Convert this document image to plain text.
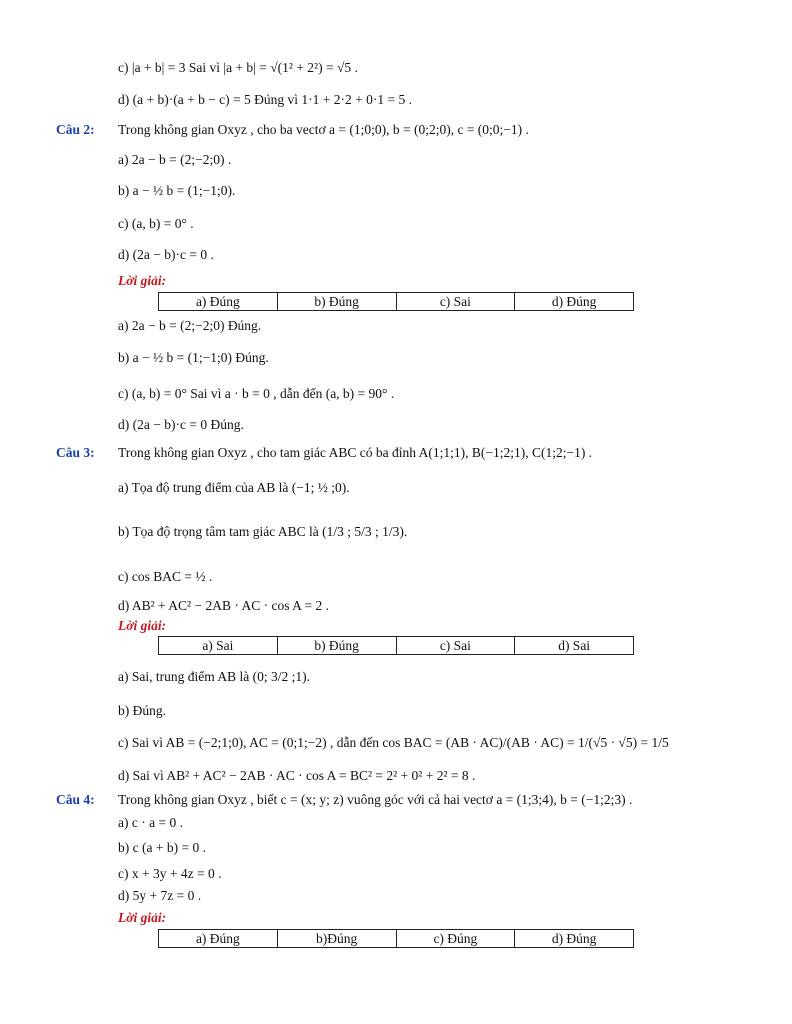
c) |a + b| = 3 Sai vì |a + b| = √(1² + 2²) = √5 .
d) (a + b)·(a + b − c) = 5 Đúng vì 1·1 + 2·2 + 0·1 = 5 .
Câu 2: Trong không gian Oxyz , cho ba vectơ a = (1;0;0), b = (0;2;0), c = (0;0;−1) .
a) 2a − b = (2;−2;0) .
b) a − ½ b = (1;−1;0).
c) (a, b) = 0° .
d) (2a − b)·c = 0 .
Lời giải:
a) Đúng	b) Đúng	c) Sai	d) Đúng
a) 2a − b = (2;−2;0) Đúng.
b) a − ½ b = (1;−1;0) Đúng.
c) (a, b) = 0° Sai vì a · b = 0 , dẫn đến (a, b) = 90° .
d) (2a − b)·c = 0 Đúng.
Câu 3: Trong không gian Oxyz , cho tam giác ABC có ba đỉnh A(1;1;1), B(−1;2;1), C(1;2;−1) .
a) Tọa độ trung điểm của AB là (−1; ½ ;0).
b) Tọa độ trọng tâm tam giác ABC là (1/3 ; 5/3 ; 1/3).
c) cos BAC = ½ .
d) AB² + AC² − 2AB · AC · cos A = 2 .
Lời giải:
a) Sai	b) Đúng	c) Sai	d) Sai
a) Sai, trung điểm AB là (0; 3/2 ;1).
b) Đúng.
c) Sai vì AB = (−2;1;0), AC = (0;1;−2) , dẫn đến cos BAC = (AB · AC)/(AB · AC) = 1/(√5 · √5) = 1/5
d) Sai vì AB² + AC² − 2AB · AC · cos A = BC² = 2² + 0² + 2² = 8 .
Câu 4: Trong không gian Oxyz , biết c = (x; y; z) vuông góc với cả hai vectơ a = (1;3;4), b = (−1;2;3) .
a) c · a = 0 .
b) c (a + b) = 0 .
c) x + 3y + 4z = 0 .
d) 5y + 7z = 0 .
Lời giải:
a) Đúng	b)Đúng	c) Đúng	d) Đúng
